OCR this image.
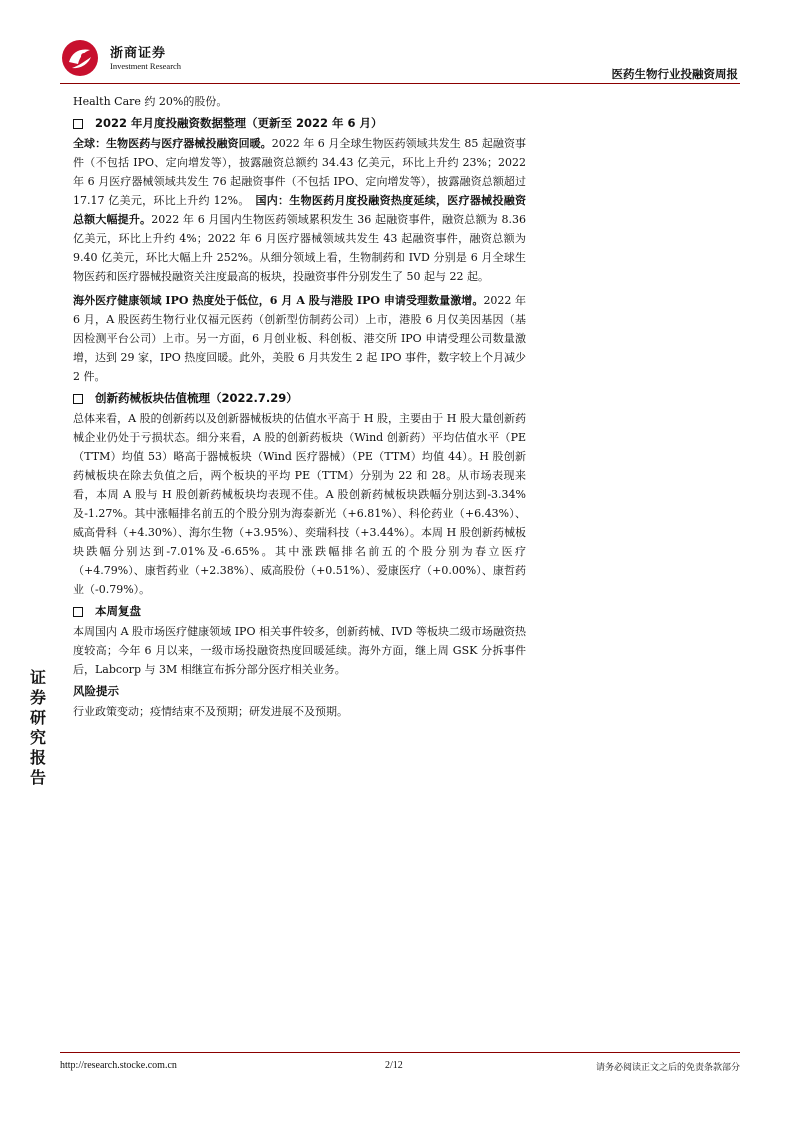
浙商证券
Investment Research
医药生物行业投融资周报
证
券
研
究
报
告

Health Care 约 20%的股份。

2022 年月度投融资数据整理（更新至 2022 年 6 月）

全球：生物医药与医疗器械投融资回暖。2022 年 6 月全球生物医药领域共发生 85 起融资事件（不包括 IPO、定向增发等），披露融资总额约 34.43 亿美元，环比上升约 23%；2022 年 6 月医疗器械领域共发生 76 起融资事件（不包括 IPO、定向增发等），披露融资总额超过 17.17 亿美元，环比上升约 12%。　 国内：生物医药月度投融资热度延续，医疗器械投融资总额大幅提升。2022 年 6 月国内生物医药领域累积发生 36 起融资事件，融资总额为 8.36 亿美元，环比上升约 4%；2022 年 6 月医疗器械领域共发生 43 起融资事件，融资总额为 9.40 亿美元，环比大幅上升 252%。从细分领域上看，生物制药和 IVD 分别是 6 月全球生物医药和医疗器械投融资关注度最高的板块，投融资事件分别发生了 50 起与 22 起。

海外医疗健康领域 IPO 热度处于低位，6 月 A 股与港股 IPO 申请受理数量激增。2022 年 6 月，A 股医药生物行业仅福元医药（创新型仿制药公司）上市，港股 6 月仅美因基因（基因检测平台公司）上市。另一方面，6 月创业板、科创板、港交所 IPO 申请受理公司数量激增，达到 29 家，IPO 热度回暖。此外，美股 6 月共发生 2 起 IPO 事件，数字较上个月减少 2 件。

创新药械板块估值梳理（2022.7.29）

总体来看，A 股的创新药以及创新器械板块的估值水平高于 H 股，主要由于 H 股大量创新药械企业仍处于亏损状态。细分来看，A 股的创新药板块（Wind 创新药）平均估值水平（PE（TTM）均值 53）略高于器械板块（Wind 医疗器械）（PE（TTM）均值 44）。H 股创新药械板块在除去负值之后，两个板块的平均 PE（TTM）分别为 22 和 28。从市场表现来看，本周 A 股与 H 股创新药械板块均表现不佳。A 股创新药械板块跌幅分别达到-3.34%及-1.27%。其中涨幅排名前五的个股分别为海泰新光（+6.81%）、科伦药业（+6.43%）、威高骨科（+4.30%）、海尔生物（+3.95%）、奕瑞科技（+3.44%）。本周 H 股创新药械板块跌幅分别达到-7.01%及-6.65%。其中涨跌幅排名前五的个股分别为春立医疗（+4.79%）、康哲药业（+2.38%）、威高股份（+0.51%）、爱康医疗（+0.00%）、康哲药业（-0.79%）。

本周复盘

本周国内 A 股市场医疗健康领域 IPO 相关事件较多，创新药械、IVD 等板块二级市场融资热度较高；今年 6 月以来，一级市场投融资热度回暖延续。海外方面，继上周 GSK 分拆事件后，Labcorp 与 3M 相继宣布拆分部分医疗相关业务。

风险提示

行业政策变动；疫情结束不及预期；研发进展不及预期。

http://research.stocke.com.cn	2/12	请务必阅读正文之后的免责条款部分
